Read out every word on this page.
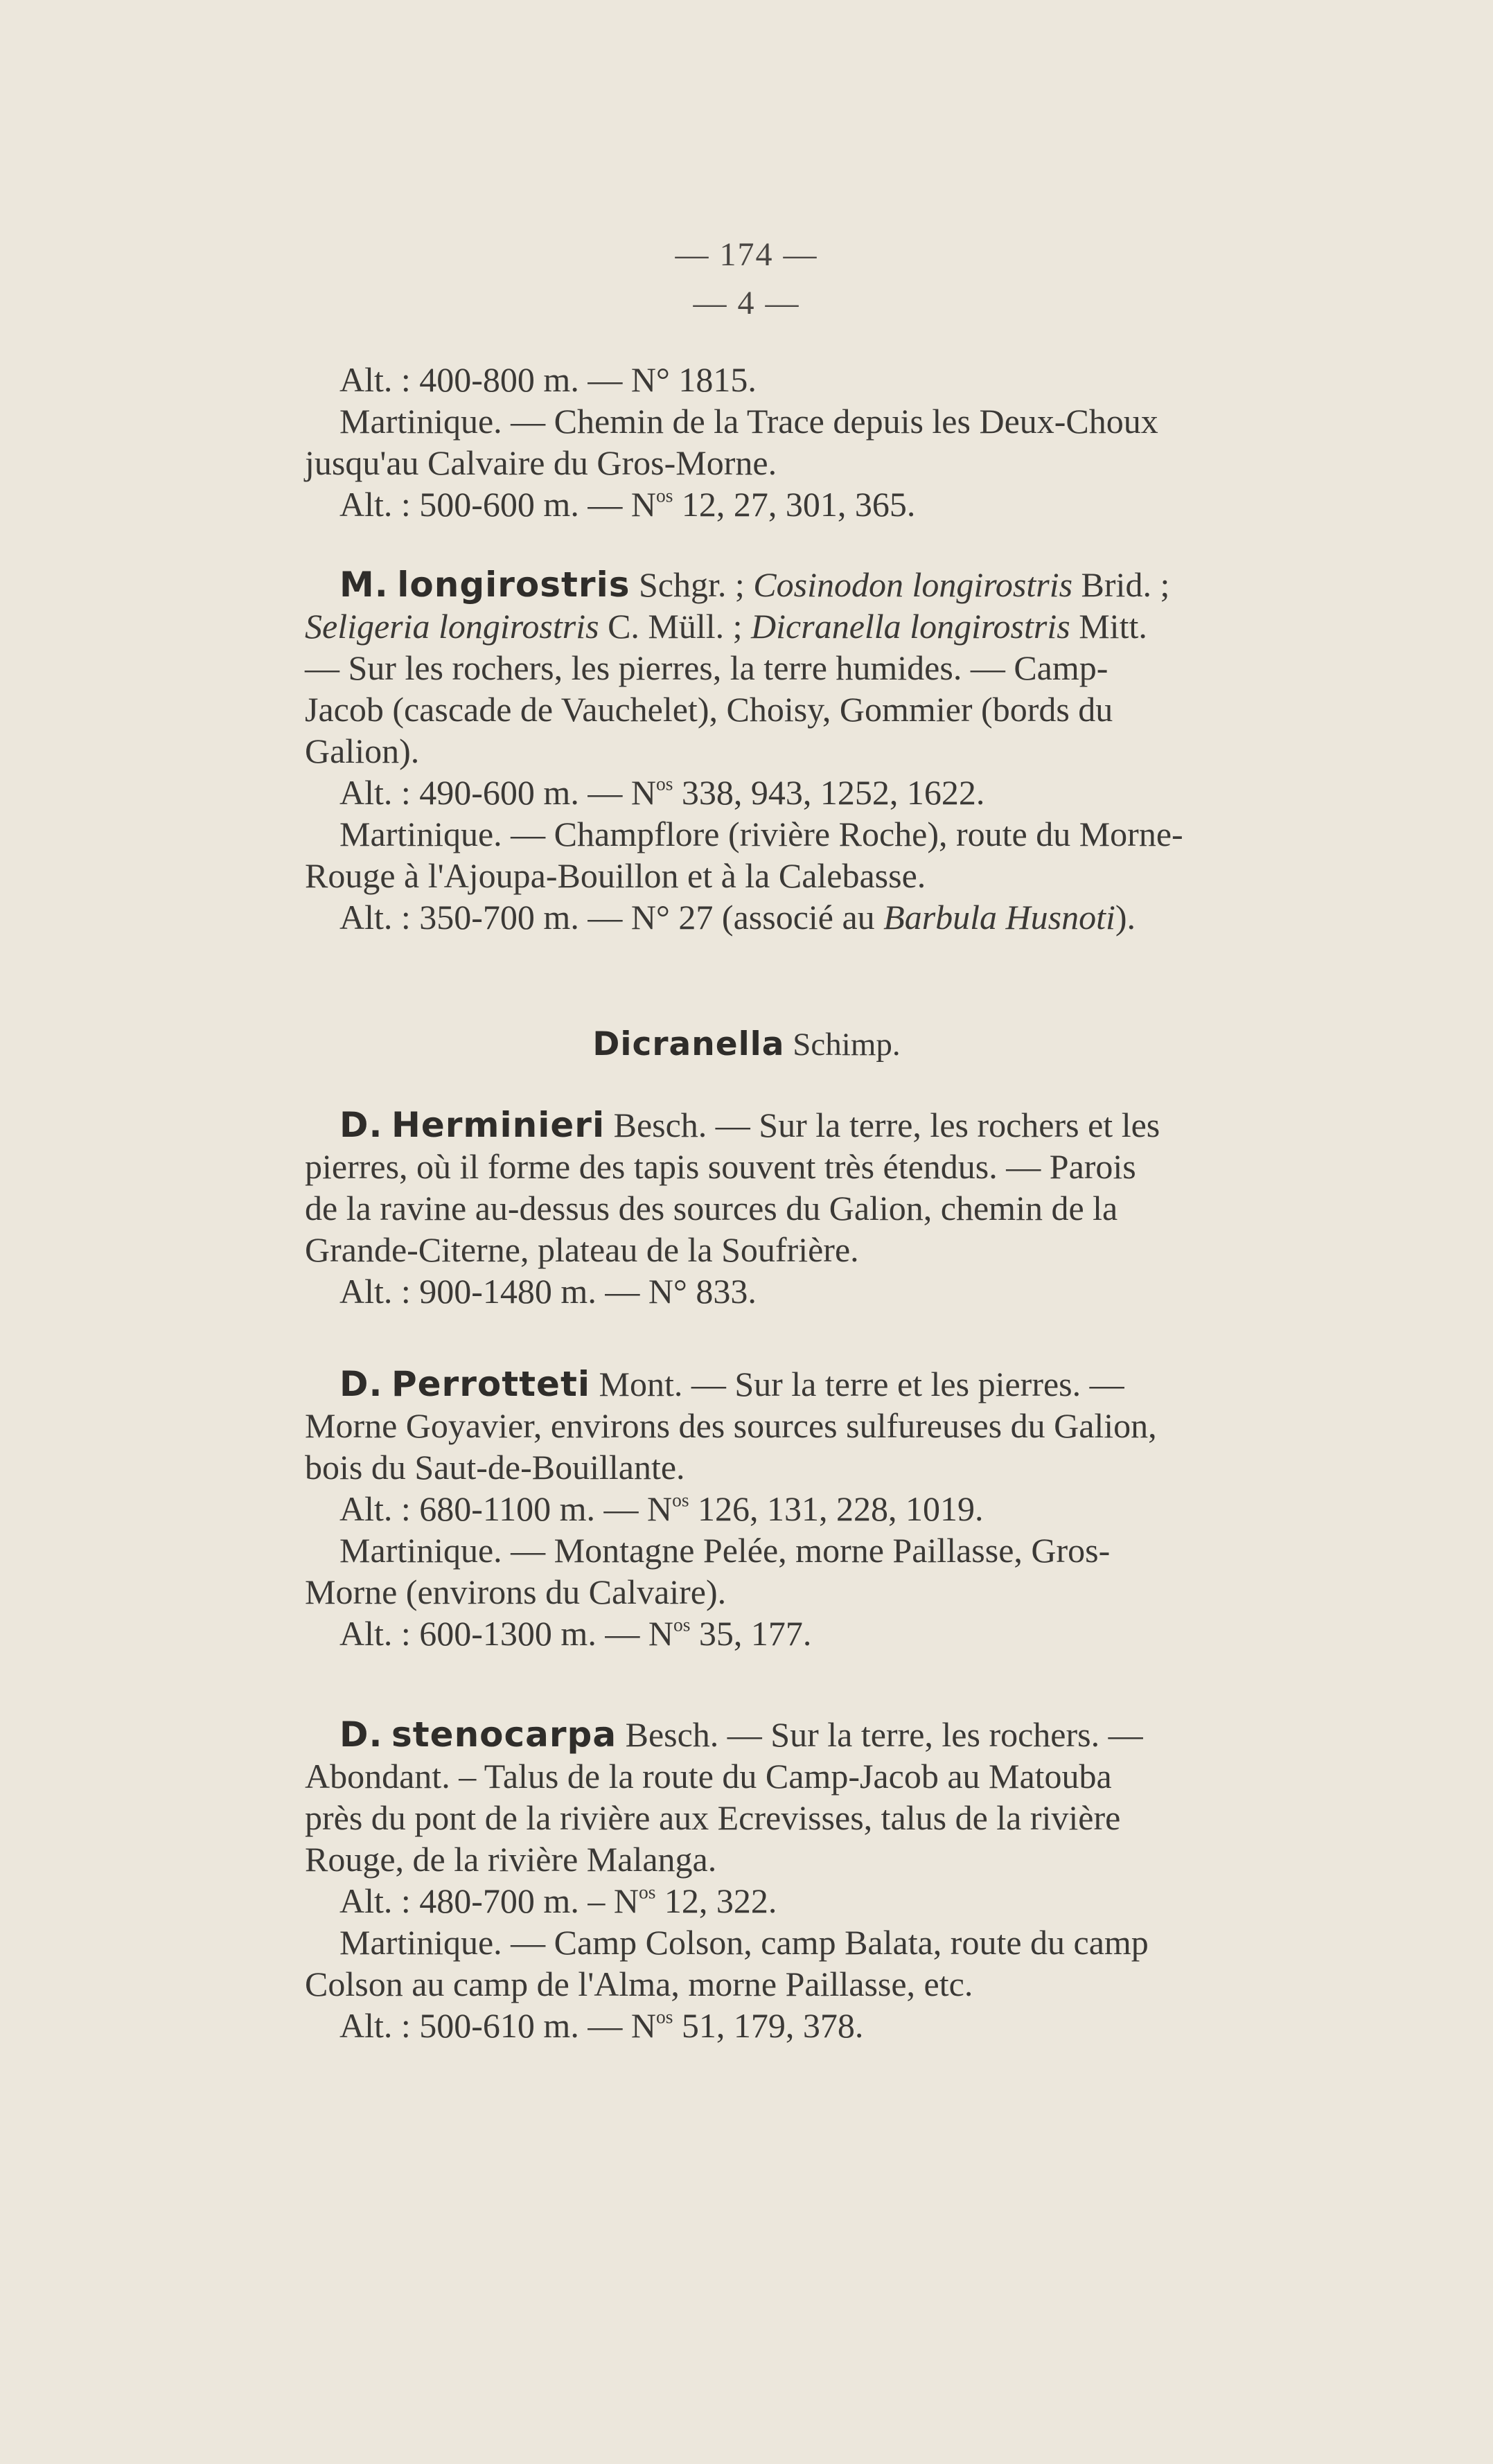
— 174 —
— 4 —
Alt. : 400-800 m. — N° 1815.
Martinique. — Chemin de la Trace depuis les Deux-Choux
jusqu'au Calvaire du Gros-Morne.
Alt. : 500-600 m. — $N^{os}$ 12, 27, 301, 365.
M. longirostris Schgr. ; Cosinodon longirostris Brid. ;
Seligeria longirostris C. Müll. ; Dicranella longirostris Mitt.
— Sur les rochers, les pierres, la terre humides. — Camp-
Jacob (cascade de Vauchelet), Choisy, Gommier (bords du
Galion).
Alt. : 490-600 m. — $N^{os}$ 338, 943, 1252, 1622.
Martinique. — Champflore (rivière Roche), route du Morne-
Rouge à l'Ajoupa-Bouillon et à la Calebasse.
Alt. : 350-700 m. — N° 27 (associé au Barbula Husnoti).
Dicranella Schimp.
D. Herminieri Besch. — Sur la terre, les rochers et les
pierres, où il forme des tapis souvent très étendus. — Parois
de la ravine au-dessus des sources du Galion, chemin de la
Grande-Citerne, plateau de la Soufrière.
Alt. : 900-1480 m. — N° 833.
D. Perrotteti Mont. — Sur la terre et les pierres. —
Morne Goyavier, environs des sources sulfureuses du Galion,
bois du Saut-de-Bouillante.
Alt. : 680-1100 m. — $N^{os}$ 126, 131, 228, 1019.
Martinique. — Montagne Pelée, morne Paillasse, Gros-
Morne (environs du Calvaire).
Alt. : 600-1300 m. — $N^{os}$ 35, 177.
D. stenocarpa Besch. — Sur la terre, les rochers. —
Abondant. – Talus de la route du Camp-Jacob au Matouba
près du pont de la rivière aux Ecrevisses, talus de la rivière
Rouge, de la rivière Malanga.
Alt. : 480-700 m. – $N^{os}$ 12, 322.
Martinique. — Camp Colson, camp Balata, route du camp
Colson au camp de l'Alma, morne Paillasse, etc.
Alt. : 500-610 m. — $N^{os}$ 51, 179, 378.
